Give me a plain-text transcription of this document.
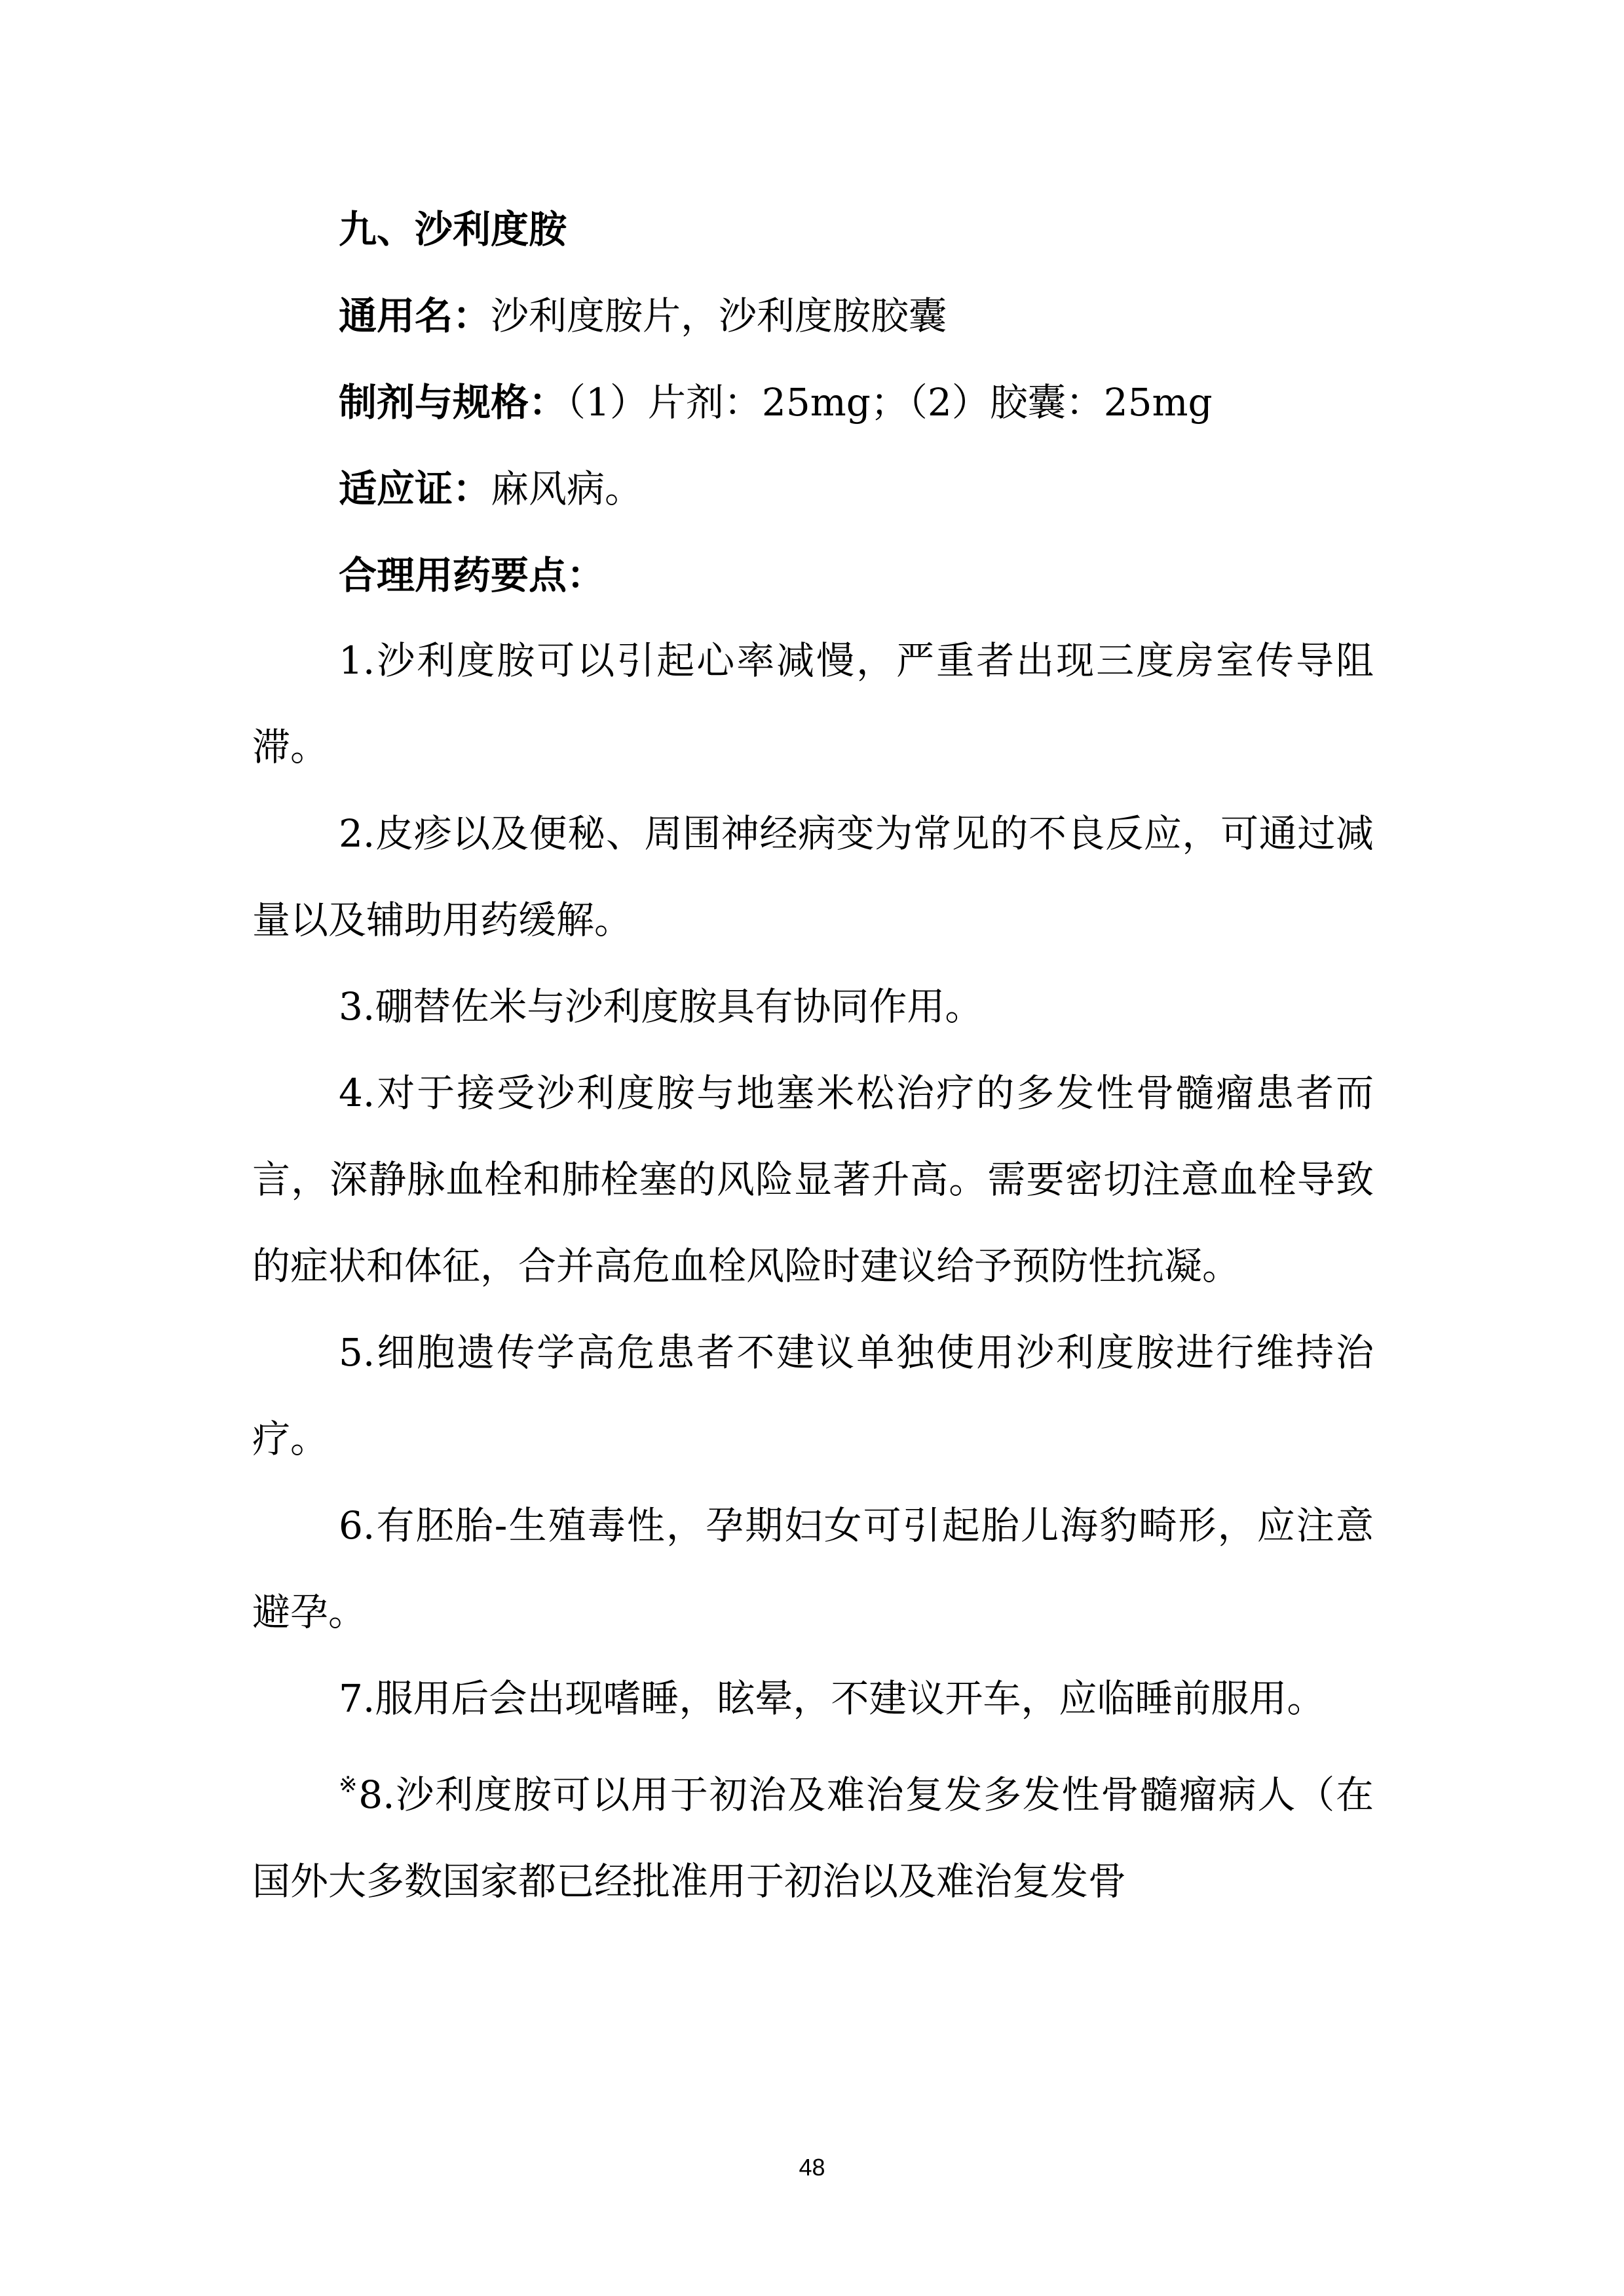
九、沙利度胺
通用名：沙利度胺片，沙利度胺胶囊
制剂与规格：（1）片剂：25mg；（2）胶囊：25mg
适应证：麻风病。
合理用药要点：

1.沙利度胺可以引起心率减慢，严重者出现三度房室传导阻滞。

2.皮疹以及便秘、周围神经病变为常见的不良反应，可通过减量以及辅助用药缓解。

3.硼替佐米与沙利度胺具有协同作用。

4.对于接受沙利度胺与地塞米松治疗的多发性骨髓瘤患者而言，深静脉血栓和肺栓塞的风险显著升高。需要密切注意血栓导致的症状和体征，合并高危血栓风险时建议给予预防性抗凝。

5.细胞遗传学高危患者不建议单独使用沙利度胺进行维持治疗。

6.有胚胎-生殖毒性，孕期妇女可引起胎儿海豹畸形，应注意避孕。

7.服用后会出现嗜睡，眩晕，不建议开车，应临睡前服用。

※8.沙利度胺可以用于初治及难治复发多发性骨髓瘤病人（在国外大多数国家都已经批准用于初治以及难治复发骨

48
